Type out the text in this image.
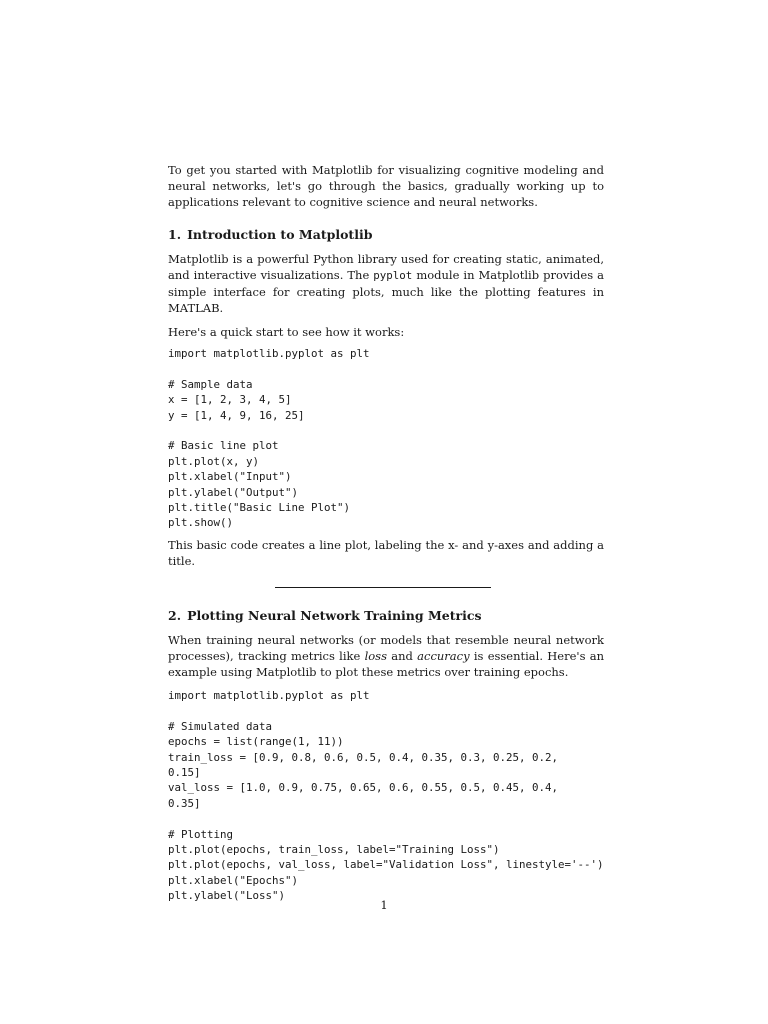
To get you started with Matplotlib for visualizing cognitive modeling and neural networks, let's go through the basics, gradually working up to applications relevant to cognitive science and neural networks.

1. Introduction to Matplotlib

Matplotlib is a powerful Python library used for creating static, animated, and interactive visualizations. The pyplot module in Matplotlib provides a simple interface for creating plots, much like the plotting features in MATLAB.

Here's a quick start to see how it works:

import matplotlib.pyplot as plt

# Sample data
x = [1, 2, 3, 4, 5]
y = [1, 4, 9, 16, 25]

# Basic line plot
plt.plot(x, y)
plt.xlabel("Input")
plt.ylabel("Output")
plt.title("Basic Line Plot")
plt.show()

This basic code creates a line plot, labeling the x- and y-axes and adding a title.

2. Plotting Neural Network Training Metrics

When training neural networks (or models that resemble neural network processes), tracking metrics like loss and accuracy is essential. Here's an example using Matplotlib to plot these metrics over training epochs.

import matplotlib.pyplot as plt

# Simulated data
epochs = list(range(1, 11))
train_loss = [0.9, 0.8, 0.6, 0.5, 0.4, 0.35, 0.3, 0.25, 0.2,
0.15]
val_loss = [1.0, 0.9, 0.75, 0.65, 0.6, 0.55, 0.5, 0.45, 0.4,
0.35]

# Plotting
plt.plot(epochs, train_loss, label="Training Loss")
plt.plot(epochs, val_loss, label="Validation Loss", linestyle='--')
plt.xlabel("Epochs")
plt.ylabel("Loss")
1
